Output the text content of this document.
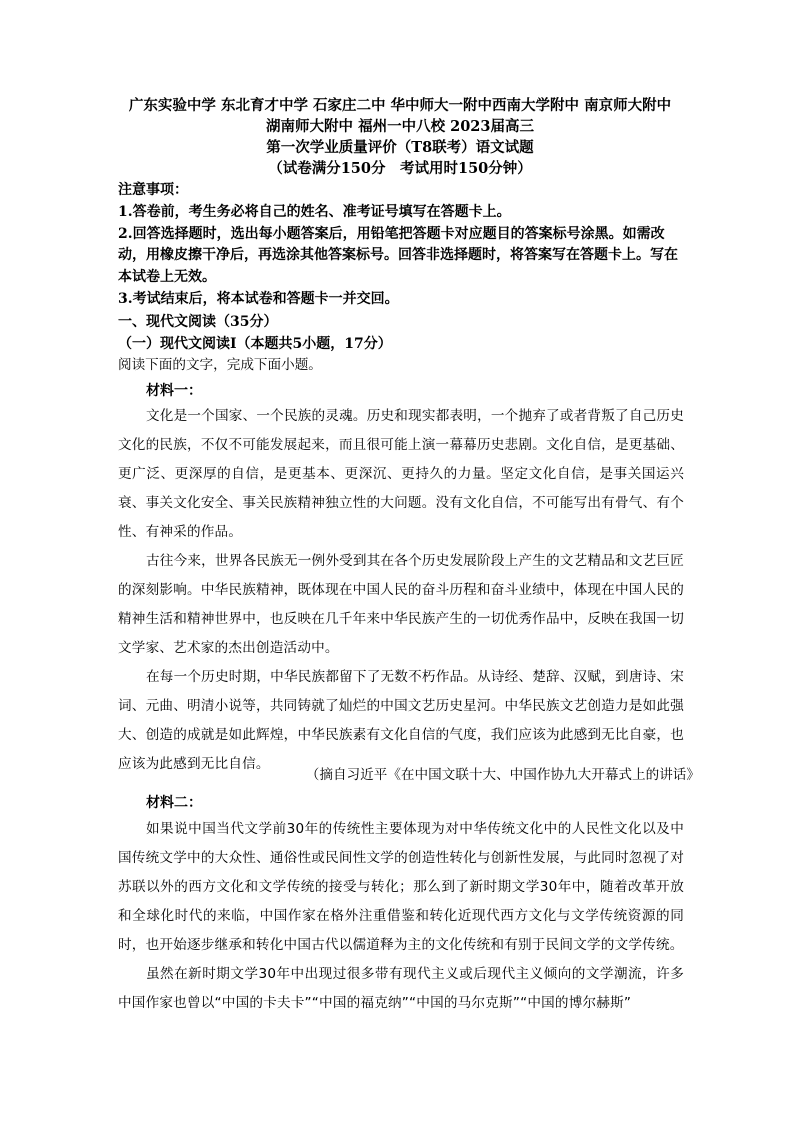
广东实验中学 东北育才中学 石家庄二中 华中师大一附中西南大学附中 南京师大附中
湖南师大附中 福州一中八校 2023届高三
第一次学业质量评价（T8联考）语文试题
（试卷满分150分　考试用时150分钟）

注意事项：

1.答卷前，考生务必将自己的姓名、准考证号填写在答题卡上。

2.回答选择题时，选出每小题答案后，用铅笔把答题卡对应题目的答案标号涂黑。如需改动，用橡皮擦干净后，再选涂其他答案标号。回答非选择题时，将答案写在答题卡上。写在本试卷上无效。

3.考试结束后，将本试卷和答题卡一并交回。

一、现代文阅读（35分）
（一）现代文阅读Ⅰ（本题共5小题，17分）
阅读下面的文字，完成下面小题。
材料一：

文化是一个国家、一个民族的灵魂。历史和现实都表明，一个抛弃了或者背叛了自己历史文化的民族，不仅不可能发展起来，而且很可能上演一幕幕历史悲剧。文化自信，是更基础、更广泛、更深厚的自信，是更基本、更深沉、更持久的力量。坚定文化自信，是事关国运兴衰、事关文化安全、事关民族精神独立性的大问题。没有文化自信，不可能写出有骨气、有个性、有神采的作品。

古往今来，世界各民族无一例外受到其在各个历史发展阶段上产生的文艺精品和文艺巨匠的深刻影响。中华民族精神，既体现在中国人民的奋斗历程和奋斗业绩中，体现在中国人民的精神生活和精神世界中，也反映在几千年来中华民族产生的一切优秀作品中，反映在我国一切文学家、艺术家的杰出创造活动中。

在每一个历史时期，中华民族都留下了无数不朽作品。从诗经、楚辞、汉赋，到唐诗、宋词、元曲、明清小说等，共同铸就了灿烂的中国文艺历史星河。中华民族文艺创造力是如此强大、创造的成就是如此辉煌，中华民族素有文化自信的气度，我们应该为此感到无比自豪，也应该为此感到无比自信。

（摘自习近平《在中国文联十大、中国作协九大开幕式上的讲话》
材料二：

如果说中国当代文学前30年的传统性主要体现为对中华传统文化中的人民性文化以及中国传统文学中的大众性、通俗性或民间性文学的创造性转化与创新性发展，与此同时忽视了对苏联以外的西方文化和文学传统的接受与转化；那么到了新时期文学30年中，随着改革开放和全球化时代的来临，中国作家在格外注重借鉴和转化近现代西方文化与文学传统资源的同时，也开始逐步继承和转化中国古代以儒道释为主的文化传统和有别于民间文学的文学传统。

虽然在新时期文学30年中出现过很多带有现代主义或后现代主义倾向的文学潮流，许多中国作家也曾以“中国的卡夫卡”“中国的福克纳”“中国的马尔克斯”“中国的博尔赫斯”
